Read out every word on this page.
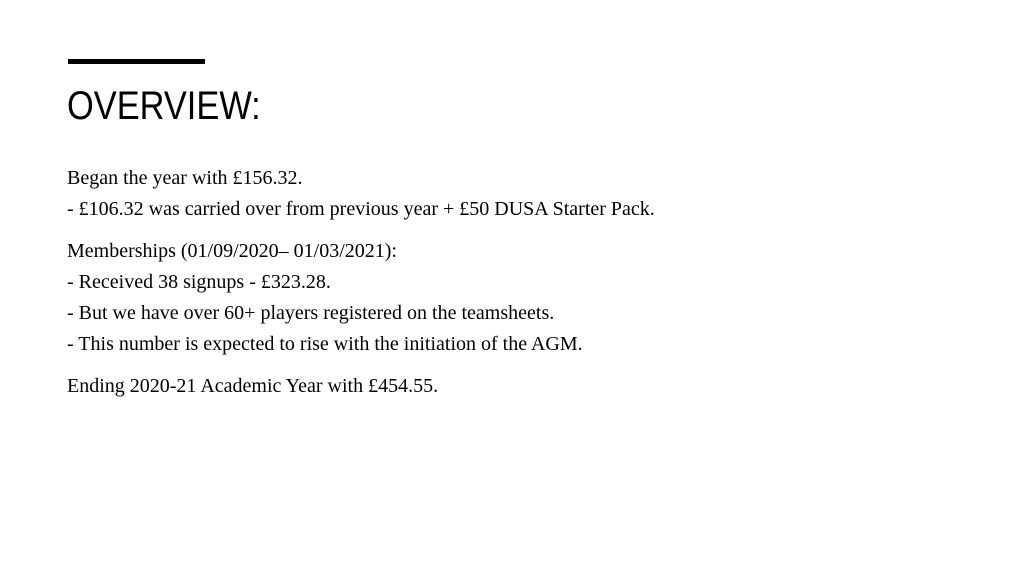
OVERVIEW:

Began the year with £156.32.
- £106.32 was carried over from previous year + £50 DUSA Starter Pack.

Memberships (01/09/2020– 01/03/2021):
- Received 38 signups - £323.28.
- But we have over 60+ players registered on the teamsheets.
- This number is expected to rise with the initiation of the AGM.

Ending 2020-21 Academic Year with £454.55.
